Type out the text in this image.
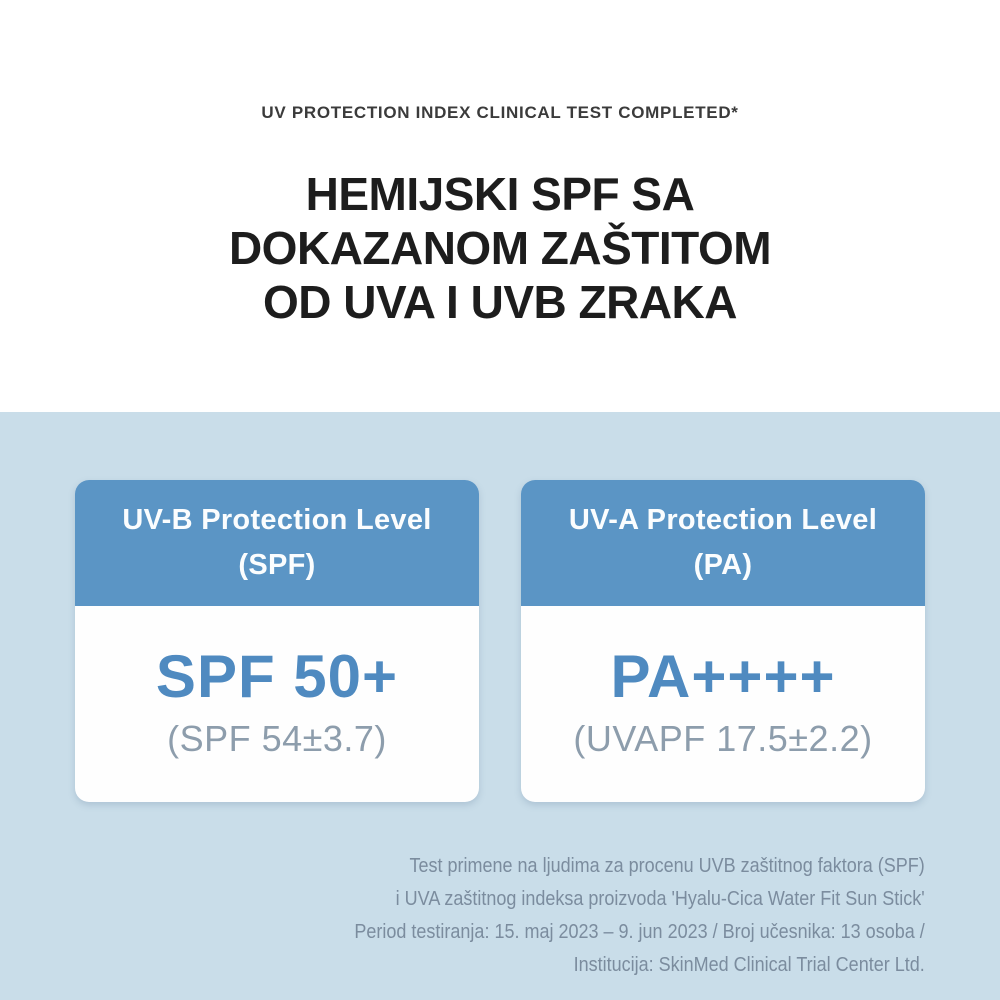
UV PROTECTION INDEX CLINICAL TEST COMPLETED*
HEMIJSKI SPF SA
DOKAZANOM ZAŠTITOM
OD UVA I UVB ZRAKA
UV-B Protection Level
(SPF)
SPF 50+
(SPF 54±3.7)
UV-A Protection Level
(PA)
PA++++
(UVAPF 17.5±2.2)
Test primene na ljudima za procenu UVB zaštitnog faktora (SPF)
i UVA zaštitnog indeksa proizvoda 'Hyalu-Cica Water Fit Sun Stick'
Period testiranja: 15. maj 2023 – 9. jun 2023 / Broj učesnika: 13 osoba /
Institucija: SkinMed Clinical Trial Center Ltd.
